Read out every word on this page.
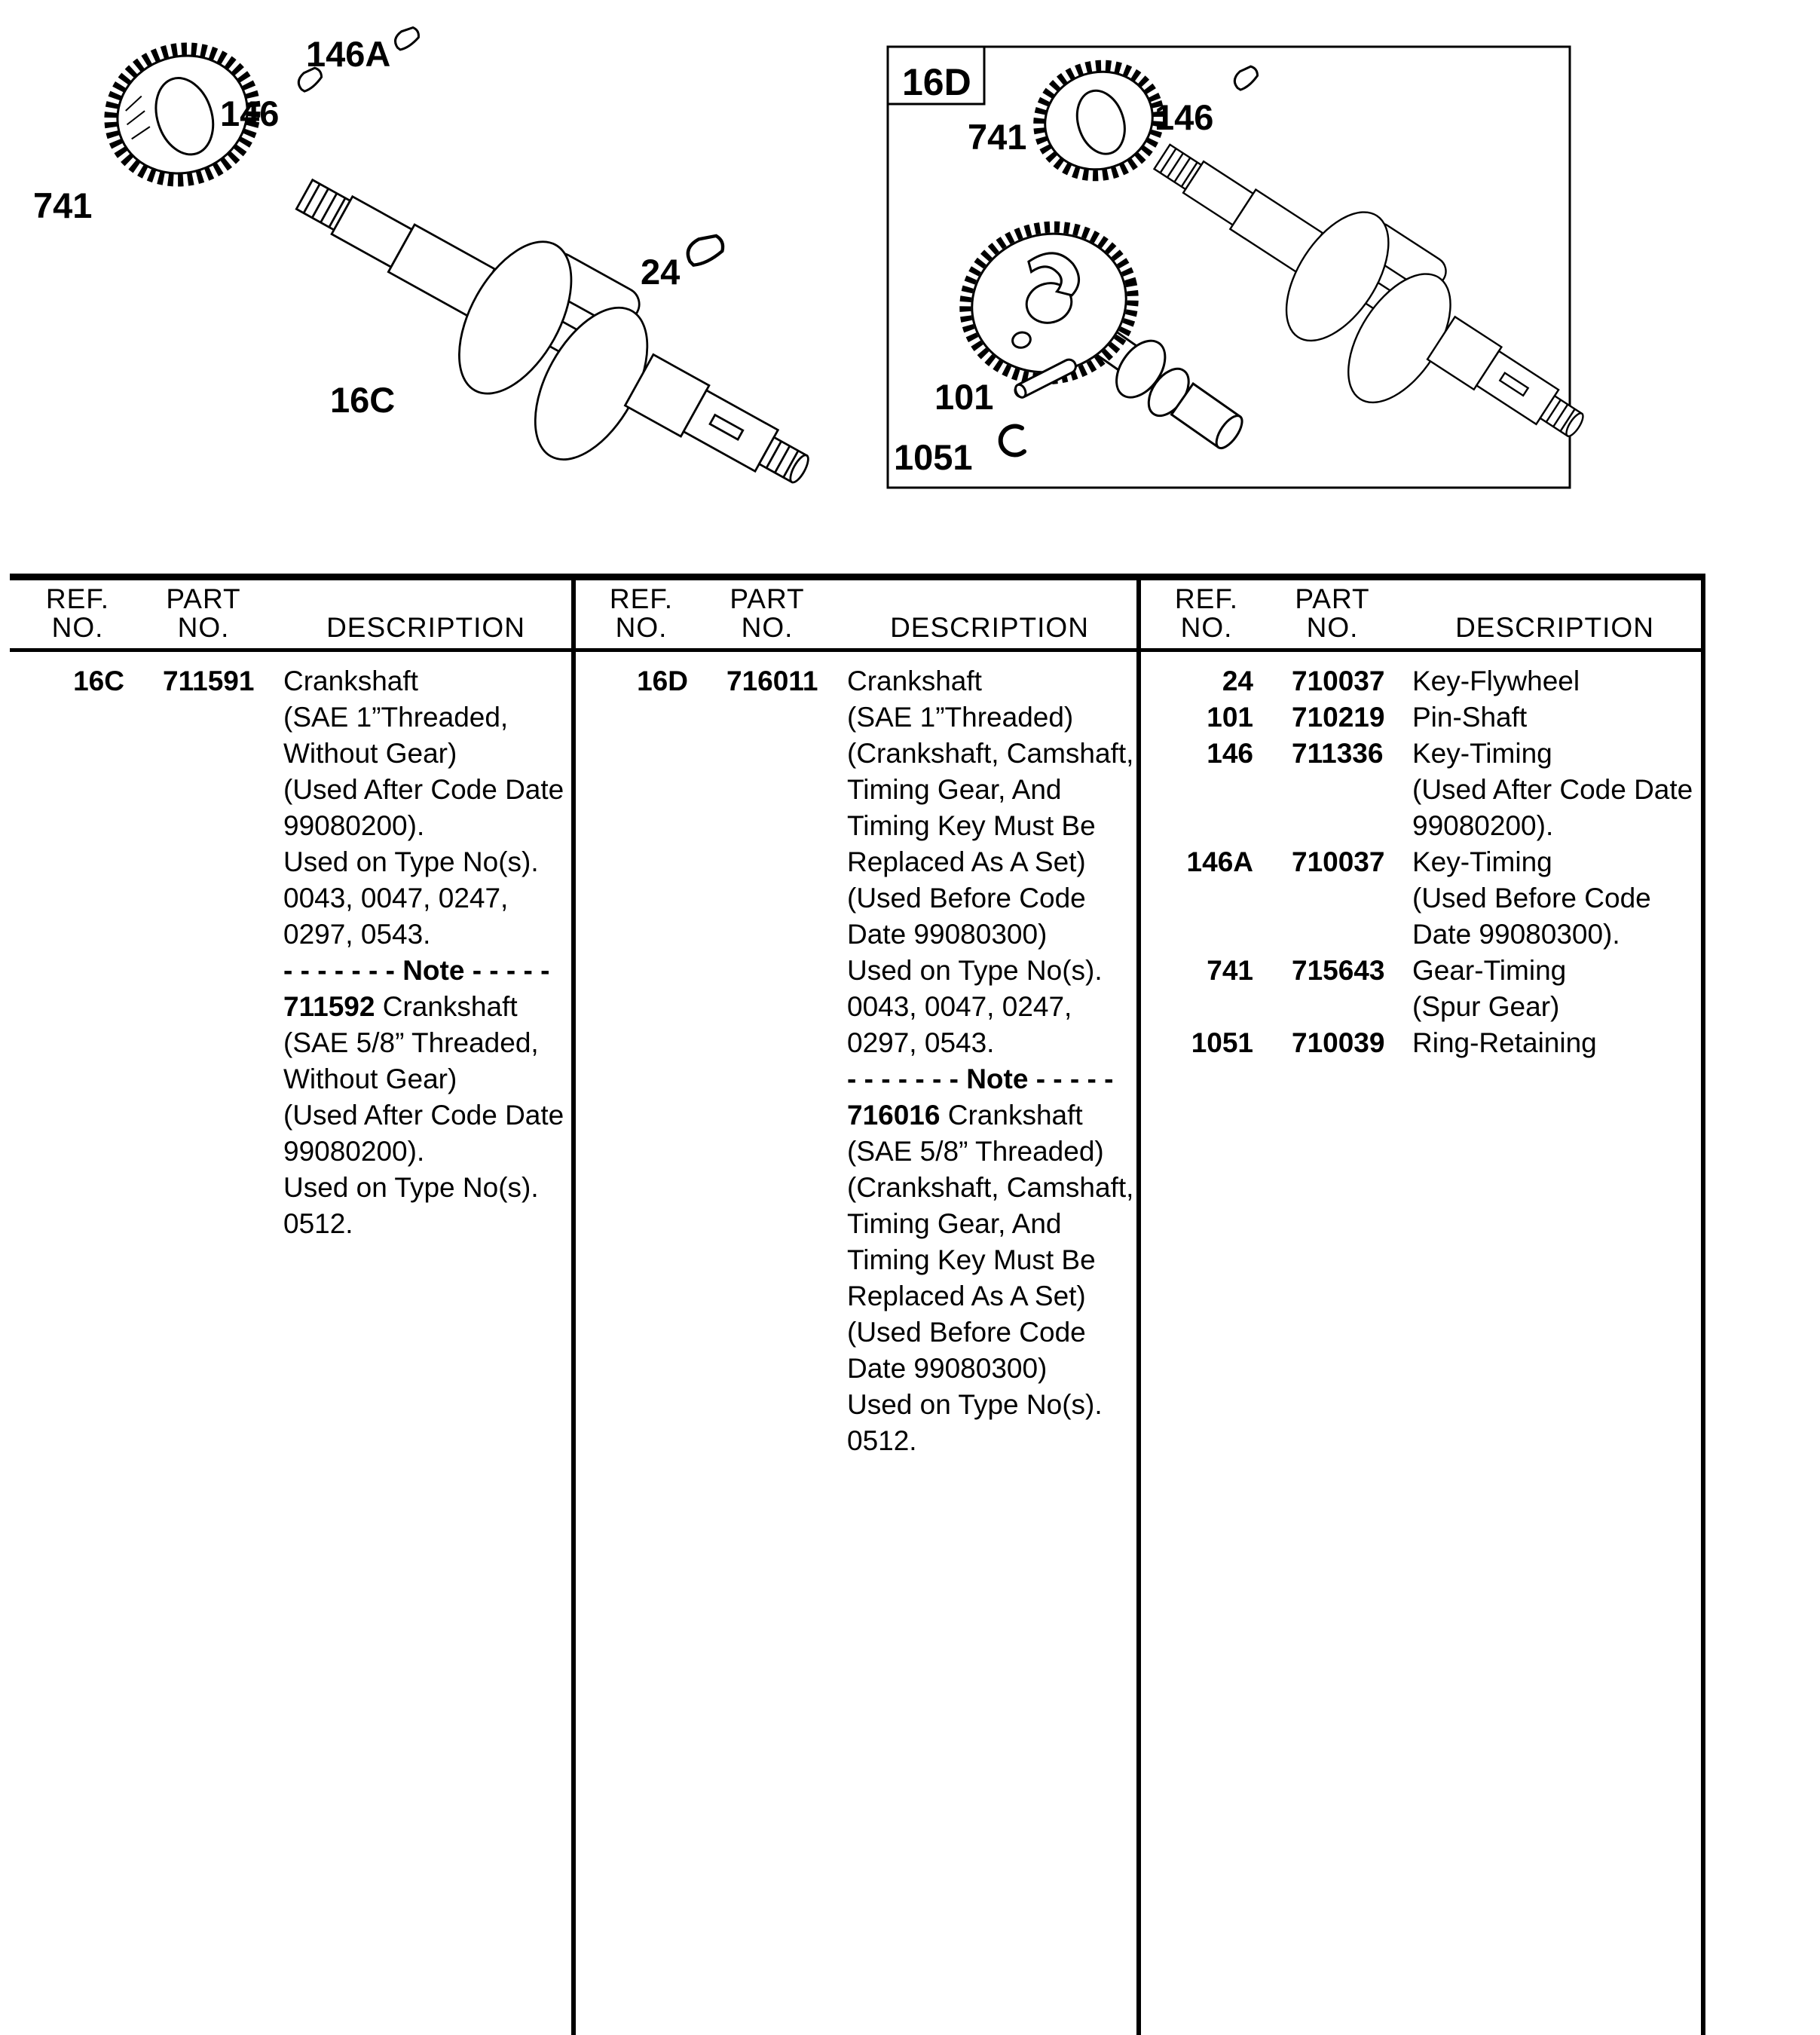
741
146
146A
24
16C
16D
741	146
101
1051
REF.
NO.
PART
NO.	DESCRIPTION
REF.
NO.
PART
NO.	DESCRIPTION
REF.
NO.
PART
NO.	DESCRIPTION
16C 711591 Crankshaft
(SAE 1”Threaded,
Without Gear)
(Used After Code Date
99080200).
Used on Type No(s).
0043, 0047, 0247,
0297, 0543.
- - - - - - - Note - - - - -
711592 Crankshaft
(SAE 5/8” Threaded,
Without Gear)
(Used After Code Date
99080200).
Used on Type No(s).
0512.
16D 716011 Crankshaft
(SAE 1”Threaded)
(Crankshaft, Camshaft,
Timing Gear, And
Timing Key Must Be
Replaced As A Set)
(Used Before Code
Date 99080300)
Used on Type No(s).
0043, 0047, 0247,
0297, 0543.
- - - - - - - Note - - - - -
716016 Crankshaft
(SAE 5/8” Threaded)
(Crankshaft, Camshaft,
Timing Gear, And
Timing Key Must Be
Replaced As A Set)
(Used Before Code
Date 99080300)
Used on Type No(s).
0512.
24 710037 Key-Flywheel
101 710219 Pin-Shaft
146 711336 Key-Timing
(Used After Code Date
99080200).
146A 710037 Key-Timing
(Used Before Code
Date 99080300).
741 715643 Gear-Timing
(Spur Gear)
1051 710039 Ring-Retaining
